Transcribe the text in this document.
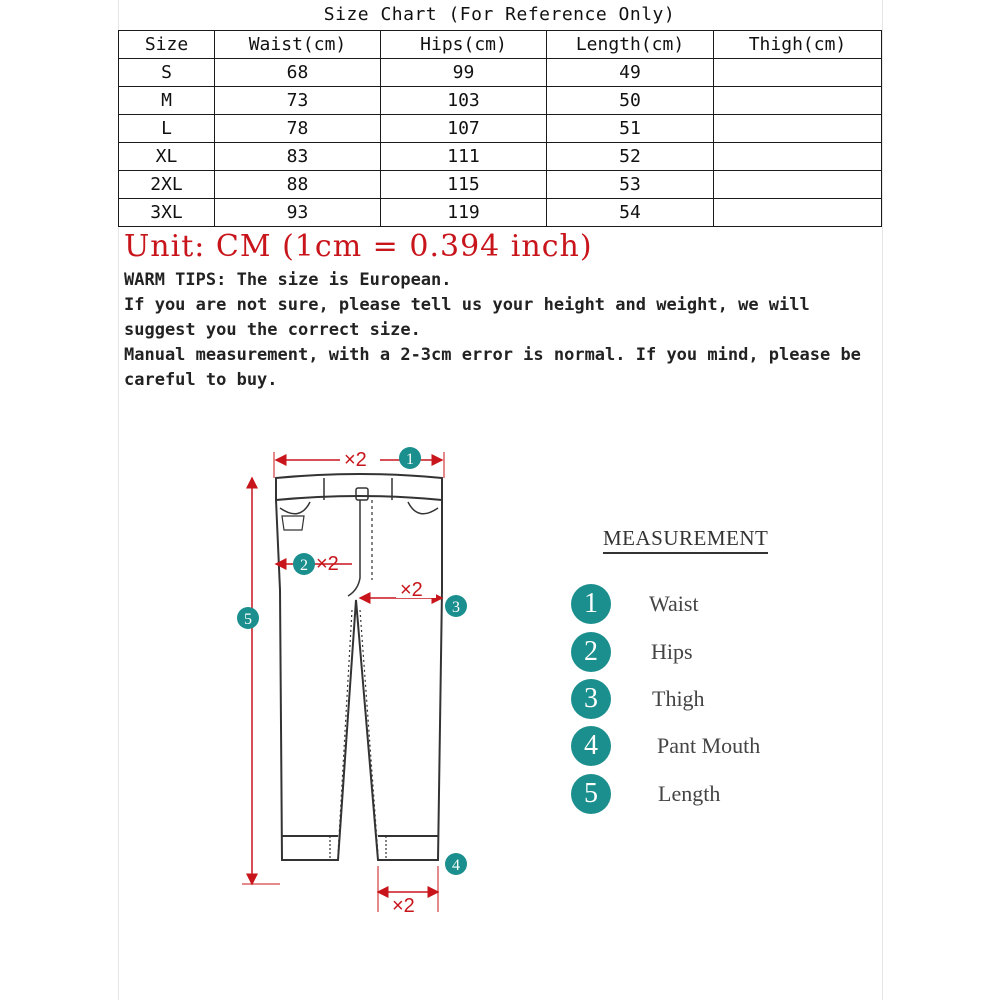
Size Chart (For Reference Only)
Size	Waist(cm)	Hips(cm)	Length(cm)	Thigh(cm)
S	68	99	49	
M	73	103	50	
L	78	107	51	
XL	83	111	52	
2XL	88	115	53	
3XL	93	119	54	
Unit: CM (1cm = 0.394 inch)

WARM TIPS: The size is European.

If you are not sure, please tell us your height and weight, we will suggest you the correct size.

Manual measurement, with a 2-3cm error is normal. If you mind, please be careful to buy.

×2 1
2 ×2
×2
3
5
4
×2
MEASUREMENT
1	Waist
2	Hips
3	Thigh
4	Pant Mouth
5	Length
